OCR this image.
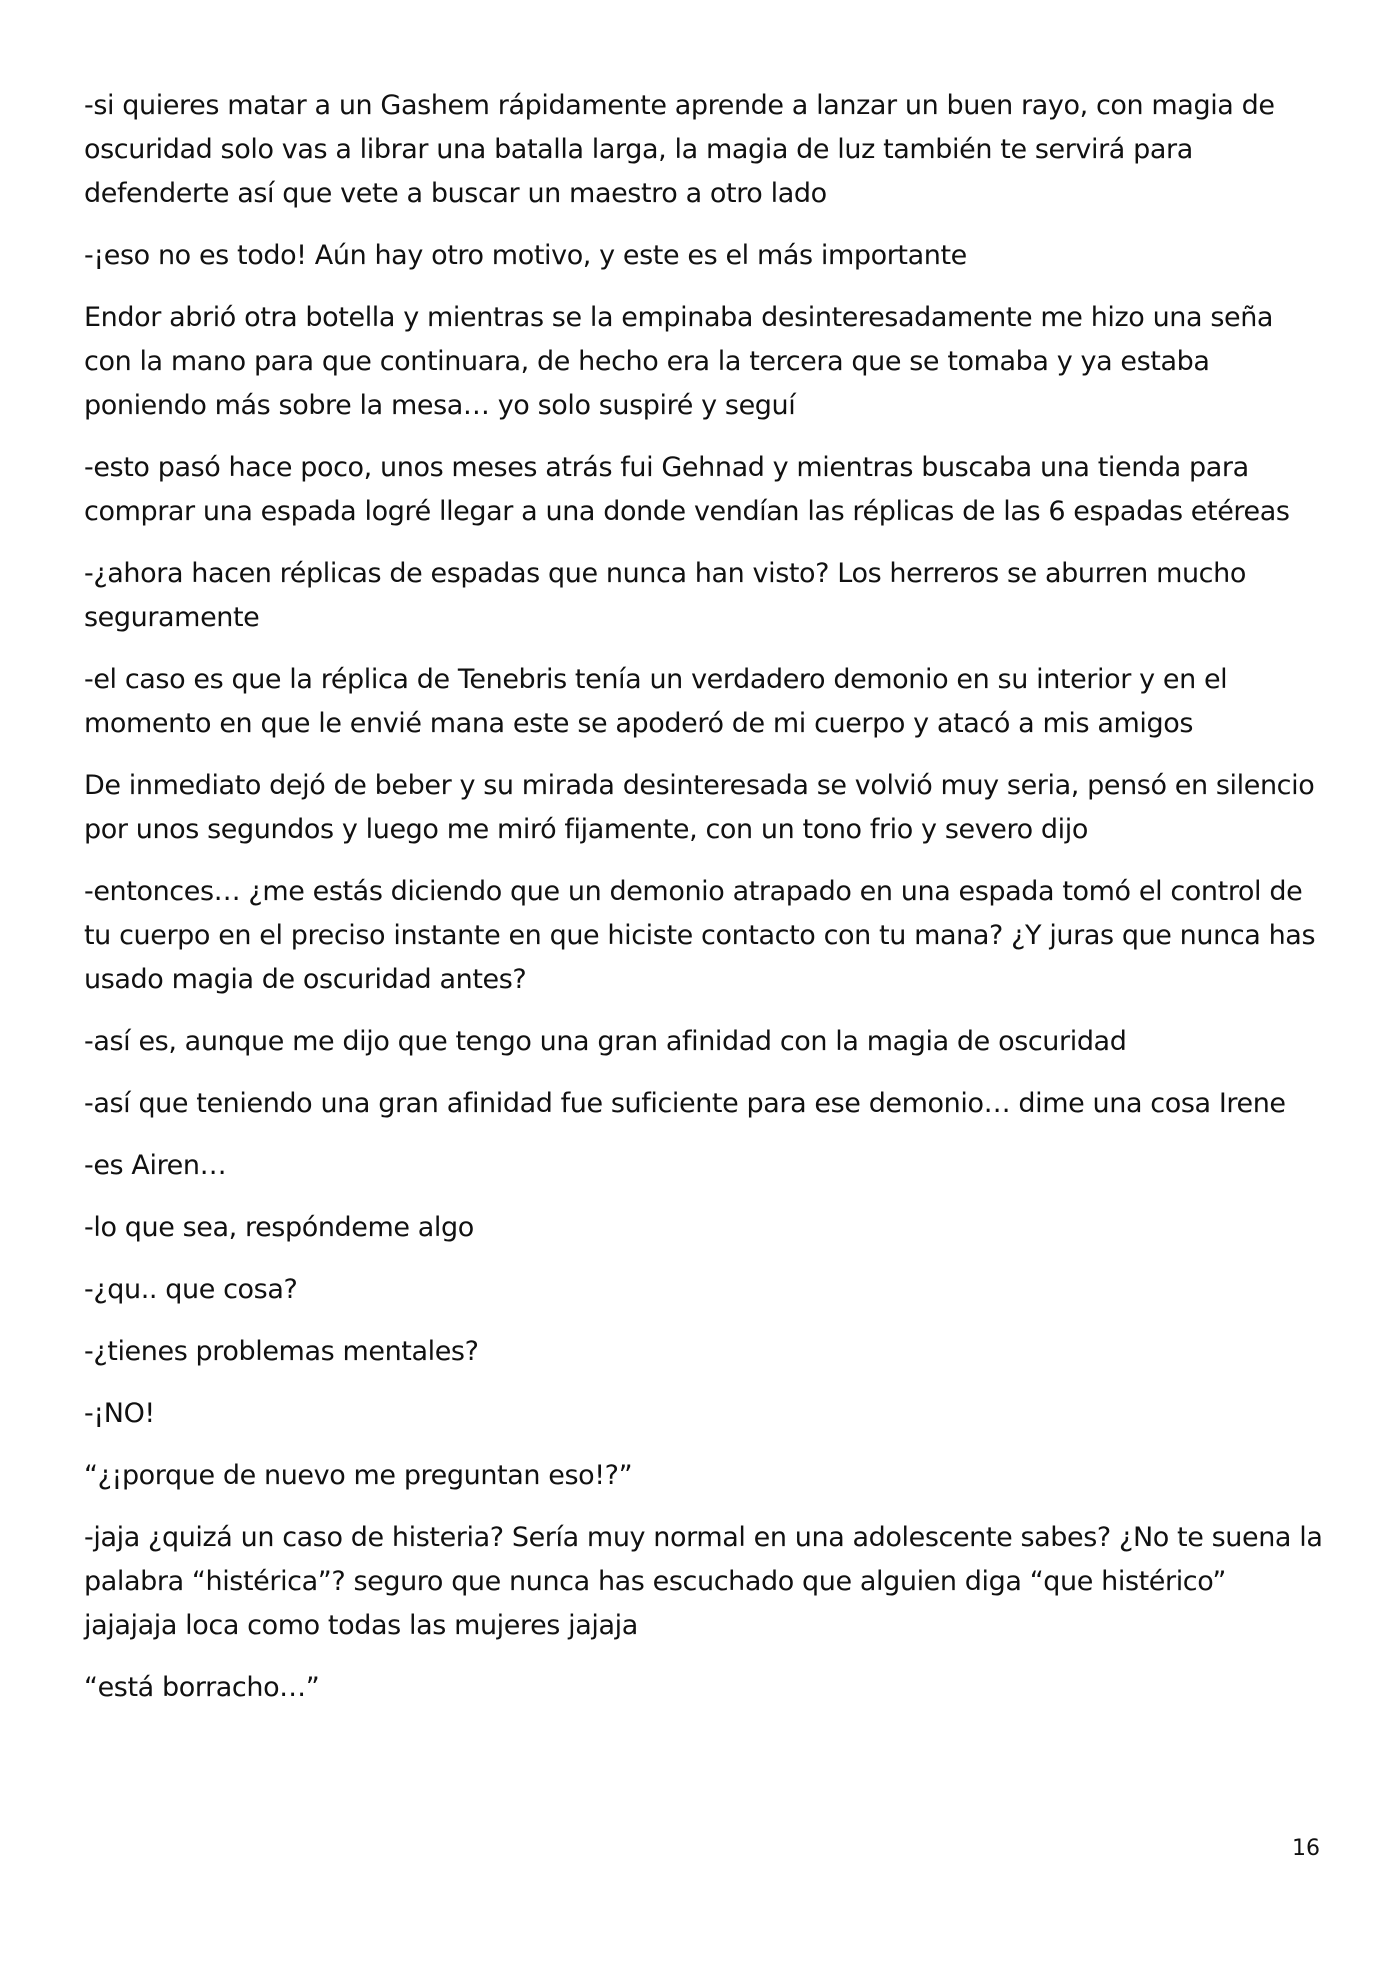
-si quieres matar a un Gashem rápidamente aprende a lanzar un buen rayo, con magia de oscuridad solo vas a librar una batalla larga, la magia de luz también te servirá para defenderte así que vete a buscar un maestro a otro lado

-¡eso no es todo! Aún hay otro motivo, y este es el más importante

Endor abrió otra botella y mientras se la empinaba desinteresadamente me hizo una seña con la mano para que continuara, de hecho era la tercera que se tomaba y ya estaba poniendo más sobre la mesa… yo solo suspiré y seguí

-esto pasó hace poco, unos meses atrás fui Gehnad y mientras buscaba una tienda para comprar una espada logré llegar a una donde vendían las réplicas de las 6 espadas etéreas

-¿ahora hacen réplicas de espadas que nunca han visto? Los herreros se aburren mucho seguramente

-el caso es que la réplica de Tenebris tenía un verdadero demonio en su interior y en el momento en que le envié mana este se apoderó de mi cuerpo y atacó a mis amigos

De inmediato dejó de beber y su mirada desinteresada se volvió muy seria, pensó en silencio por unos segundos y luego me miró fijamente, con un tono frio y severo dijo

-entonces… ¿me estás diciendo que un demonio atrapado en una espada tomó el control de tu cuerpo en el preciso instante en que hiciste contacto con tu mana? ¿Y juras que nunca has usado magia de oscuridad antes?

-así es, aunque me dijo que tengo una gran afinidad con la magia de oscuridad

-así que teniendo una gran afinidad fue suficiente para ese demonio… dime una cosa Irene

-es Airen…

-lo que sea, respóndeme algo

-¿qu.. que cosa?

-¿tienes problemas mentales?

-¡NO!

“¿¡porque de nuevo me preguntan eso!?”

-jaja ¿quizá un caso de histeria? Sería muy normal en una adolescente sabes? ¿No te suena la palabra “histérica”? seguro que nunca has escuchado que alguien diga “que histérico” jajajaja loca como todas las mujeres jajaja

“está borracho…”

16
